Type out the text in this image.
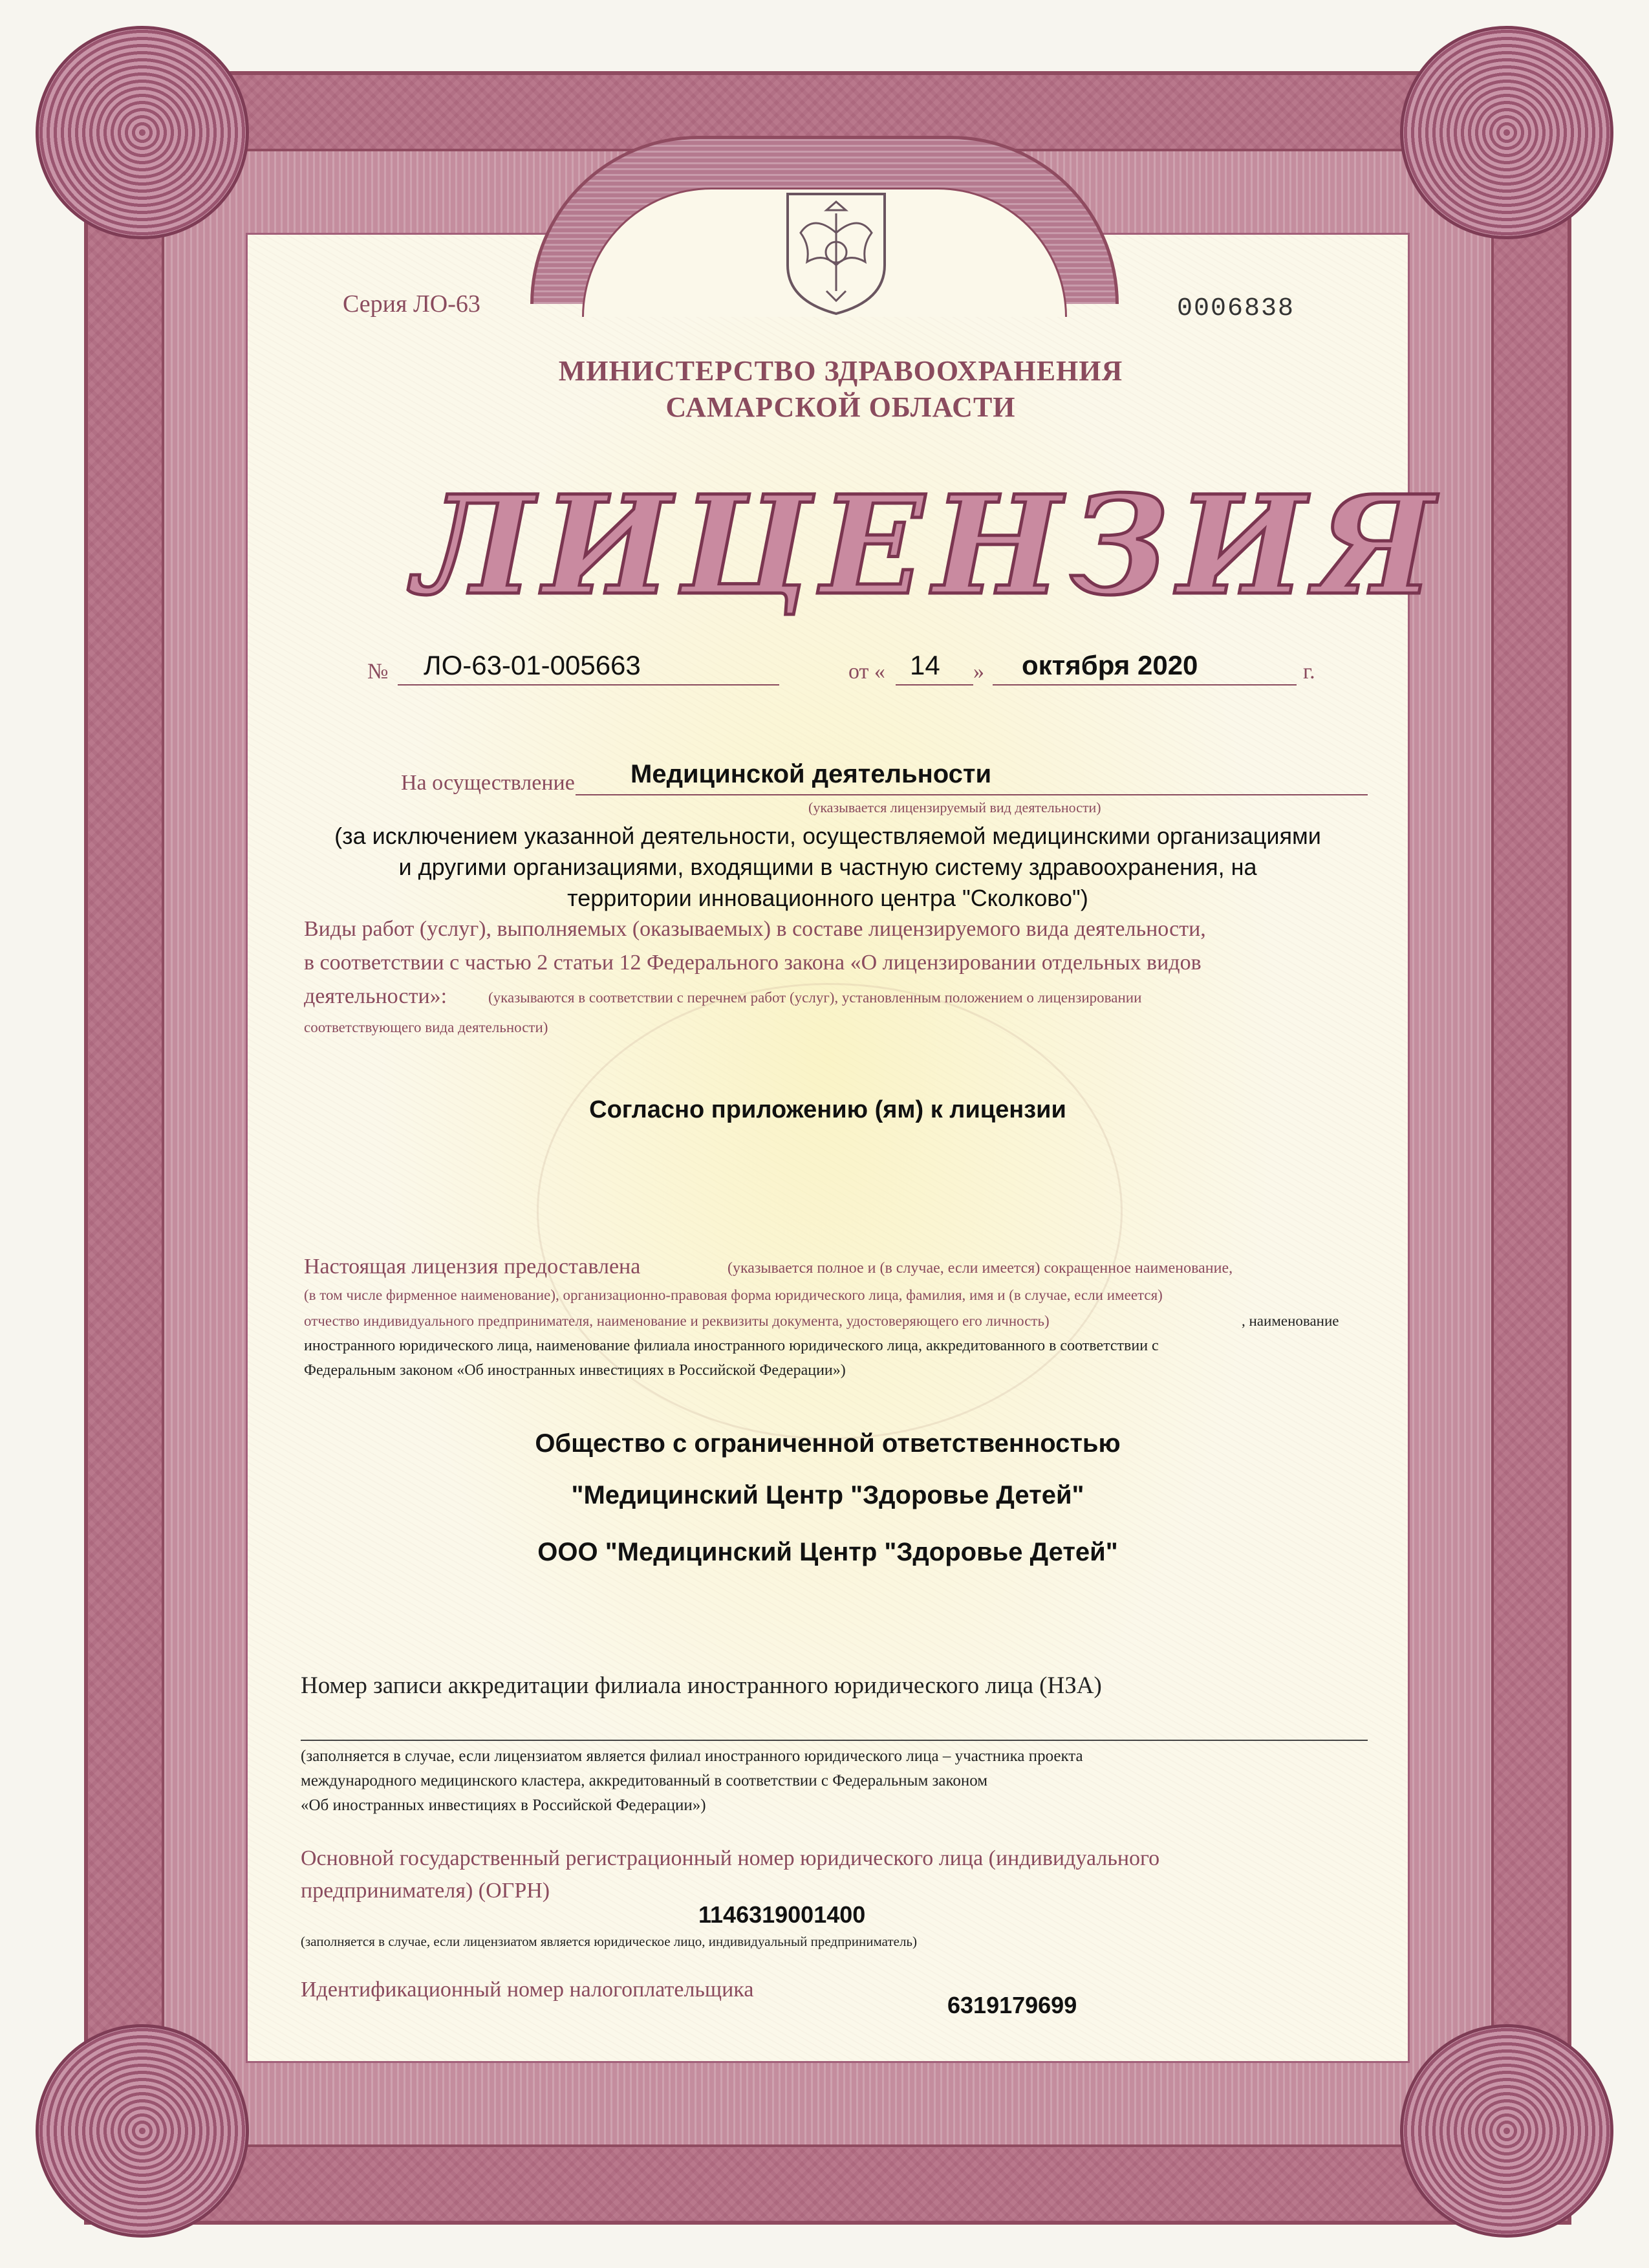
Серия ЛО-63	0006838
МИНИСТЕРСТВО ЗДРАВООХРАНЕНИЯ
САМАРСКОЙ ОБЛАСТИ
ЛИЦЕНЗИЯ
№ ЛО-63-01-005663	от « 14 » октября 2020	г.
На осуществление	Медицинской деятельности
(указывается лицензируемый вид деятельности)
(за исключением указанной деятельности, осуществляемой медицинскими организациями
и другими организациями, входящими в частную систему здравоохранения, на
территории инновационного центра "Сколково")
Виды работ (услуг), выполняемых (оказываемых) в составе лицензируемого вида деятельности,
в соответствии с частью 2 статьи 12 Федерального закона «О лицензировании отдельных видов
деятельности»:	(указываются в соответствии с перечнем работ (услуг), установленным положением о лицензировании
соответствующего вида деятельности)
Согласно приложению (ям) к лицензии
Настоящая лицензия предоставлена	(указывается полное и (в случае, если имеется) сокращенное наименование,
(в том числе фирменное наименование), организационно-правовая форма юридического лица, фамилия, имя и (в случае, если имеется)
отчество индивидуального предпринимателя, наименование и реквизиты документа, удостоверяющего его личность)	, наименование
иностранного юридического лица, наименование филиала иностранного юридического лица, аккредитованного в соответствии с
Федеральным законом «Об иностранных инвестициях в Российской Федерации»)
Общество с ограниченной ответственностью
"Медицинский Центр "Здоровье Детей"
ООО "Медицинский Центр "Здоровье Детей"
Номер записи аккредитации филиала иностранного юридического лица (НЗА)
(заполняется в случае, если лицензиатом является филиал иностранного юридического лица – участника проекта
международного медицинского кластера, аккредитованный в соответствии с Федеральным законом
«Об иностранных инвестициях в Российской Федерации»)
Основной государственный регистрационный номер юридического лица (индивидуального
предпринимателя) (ОГРН)
1146319001400
(заполняется в случае, если лицензиатом является юридическое лицо, индивидуальный предприниматель)
Идентификационный номер налогоплательщика
6319179699
